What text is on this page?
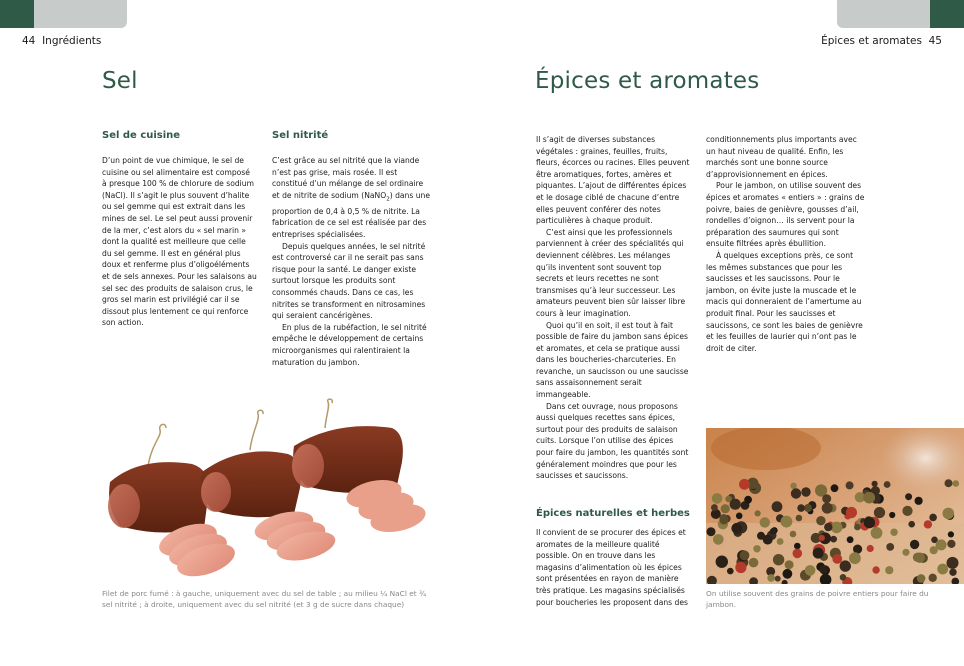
44 Ingrédients	Épices et aromates 45
Sel	Épices et aromates
Sel de cuisine

D’un point de vue chimique, le sel de cuisine ou sel alimentaire est composé à presque 100 % de chlorure de sodium (NaCl). Il s’agit le plus souvent d’halite ou sel gemme qui est extrait dans les mines de sel. Le sel peut aussi provenir de la mer, c’est alors du « sel marin » dont la qualité est meilleure que celle du sel gemme. Il est en général plus doux et renferme plus d’oligoéléments et de sels annexes. Pour les salaisons au sel sec des produits de salaison crus, le gros sel marin est privilégié car il se dissout plus lentement ce qui renforce son action.

Sel nitrité

C’est grâce au sel nitrité que la viande n’est pas grise, mais rosée. Il est constitué d’un mélange de sel ordinaire et de nitrite de sodium (NaNO$_2$) dans une proportion de 0,4 à 0,5 % de nitrite. La fabrication de ce sel est réalisée par des entreprises spécialisées.

Depuis quelques années, le sel nitrité est controversé car il ne serait pas sans risque pour la santé. Le danger existe surtout lorsque les produits sont consommés chauds. Dans ce cas, les nitrites se transforment en nitrosamines qui seraient cancérigènes.

En plus de la rubéfaction, le sel nitrité empêche le développement de certains microorganismes qui ralentiraient la maturation du jambon.

Filet de porc fumé : à gauche, uniquement avec du sel de table ; au milieu ¼ NaCl et ¾ sel nitrité ; à droite, uniquement avec du sel nitrité (et 3 g de sucre dans chaque)

Il s’agit de diverses substances végétales : graines, feuilles, fruits, fleurs, écorces ou racines. Elles peuvent être aromatiques, fortes, amères et piquantes. L’ajout de différentes épices et le dosage ciblé de chacune d’entre elles peuvent conférer des notes particulières à chaque produit.

C’est ainsi que les professionnels parviennent à créer des spécialités qui deviennent célèbres. Les mélanges qu’ils inventent sont souvent top secrets et leurs recettes ne sont transmises qu’à leur successeur. Les amateurs peuvent bien sûr laisser libre cours à leur imagination.

Quoi qu’il en soit, il est tout à fait possible de faire du jambon sans épices et aromates, et cela se pratique aussi dans les boucheries-charcuteries. En revanche, un saucisson ou une saucisse sans assaisonnement serait immangeable.

Dans cet ouvrage, nous proposons aussi quelques recettes sans épices, surtout pour des produits de salaison cuits. Lorsque l’on utilise des épices pour faire du jambon, les quantités sont généralement moindres que pour les saucisses et saucissons.

Épices naturelles et herbes

Il convient de se procurer des épices et aromates de la meilleure qualité possible. On en trouve dans les magasins d’alimentation où les épices sont présentées en rayon de manière très pratique. Les magasins spécialisés pour boucheries les proposent dans des

conditionnements plus importants avec un haut niveau de qualité. Enfin, les marchés sont une bonne source d’approvisionnement en épices.

Pour le jambon, on utilise souvent des épices et aromates « entiers » : grains de poivre, baies de genièvre, gousses d’ail, rondelles d’oignon… ils servent pour la préparation des saumures qui sont ensuite filtrées après ébullition.

À quelques exceptions près, ce sont les mêmes substances que pour les saucisses et les saucissons. Pour le jambon, on évite juste la muscade et le macis qui donneraient de l’amertume au produit final. Pour les saucisses et saucissons, ce sont les baies de genièvre et les feuilles de laurier qui n’ont pas le droit de citer.

On utilise souvent des grains de poivre entiers pour faire du jambon.
